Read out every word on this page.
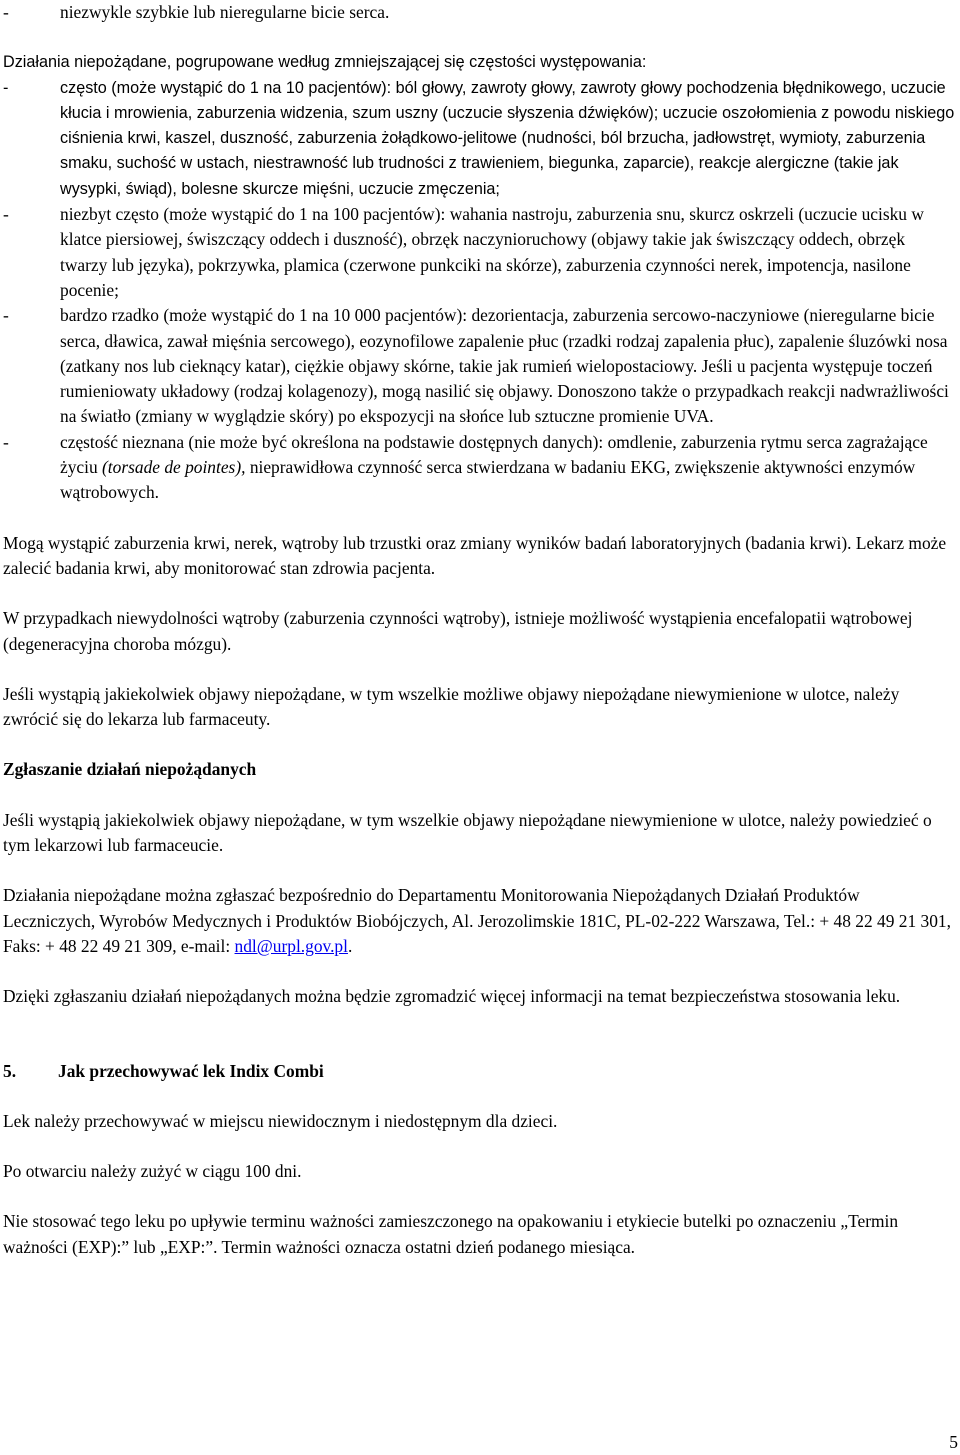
-	niezwykle szybkie lub nieregularne bicie serca.

Działania niepożądane, pogrupowane według zmniejszającej się częstości występowania:

-	często (może wystąpić do 1 na 10 pacjentów): ból głowy, zawroty głowy, zawroty głowy pochodzenia błędnikowego, uczucie kłucia i mrowienia, zaburzenia widzenia, szum uszny (uczucie słyszenia dźwięków); uczucie oszołomienia z powodu niskiego ciśnienia krwi, kaszel, duszność, zaburzenia żołądkowo-jelitowe (nudności, ból brzucha, jadłowstręt, wymioty, zaburzenia smaku, suchość w ustach, niestrawność lub trudności z trawieniem, biegunka, zaparcie), reakcje alergiczne (takie jak wysypki, świąd), bolesne skurcze mięśni, uczucie zmęczenia;
-	niezbyt często (może wystąpić do 1 na 100 pacjentów): wahania nastroju, zaburzenia snu, skurcz oskrzeli (uczucie ucisku w klatce piersiowej, świszczący oddech i duszność), obrzęk naczynioruchowy (objawy takie jak świszczący oddech, obrzęk twarzy lub języka), pokrzywka, plamica (czerwone punkciki na skórze), zaburzenia czynności nerek, impotencja, nasilone pocenie;
-	bardzo rzadko (może wystąpić do 1 na 10 000 pacjentów): dezorientacja, zaburzenia sercowo-naczyniowe (nieregularne bicie serca, dławica, zawał mięśnia sercowego), eozynofilowe zapalenie płuc (rzadki rodzaj zapalenia płuc), zapalenie śluzówki nosa (zatkany nos lub cieknący katar), ciężkie objawy skórne, takie jak rumień wielopostaciowy. Jeśli u pacjenta występuje toczeń rumieniowaty układowy (rodzaj kolagenozy), mogą nasilić się objawy. Donoszono także o przypadkach reakcji nadwrażliwości na światło (zmiany w wyglądzie skóry) po ekspozycji na słońce lub sztuczne promienie UVA.
-	częstość nieznana (nie może być określona na podstawie dostępnych danych): omdlenie, zaburzenia rytmu serca zagrażające życiu (torsade de pointes), nieprawidłowa czynność serca stwierdzana w badaniu EKG, zwiększenie aktywności enzymów wątrobowych.

Mogą wystąpić zaburzenia krwi, nerek, wątroby lub trzustki oraz zmiany wyników badań laboratoryjnych (badania krwi). Lekarz może zalecić badania krwi, aby monitorować stan zdrowia pacjenta.

W przypadkach niewydolności wątroby (zaburzenia czynności wątroby), istnieje możliwość wystąpienia encefalopatii wątrobowej (degeneracyjna choroba mózgu).

Jeśli wystąpią jakiekolwiek objawy niepożądane, w tym wszelkie możliwe objawy niepożądane niewymienione w ulotce, należy zwrócić się do lekarza lub farmaceuty.

Zgłaszanie działań niepożądanych

Jeśli wystąpią jakiekolwiek objawy niepożądane, w tym wszelkie objawy niepożądane niewymienione w ulotce, należy powiedzieć o tym lekarzowi lub farmaceucie.

Działania niepożądane można zgłaszać bezpośrednio do Departamentu Monitorowania Niepożądanych Działań Produktów Leczniczych, Wyrobów Medycznych i Produktów Biobójczych, Al. Jerozolimskie 181C, PL-02-222 Warszawa, Tel.: + 48 22 49 21 301, Faks: + 48 22 49 21 309, e-mail: ndl@urpl.gov.pl.

Dzięki zgłaszaniu działań niepożądanych można będzie zgromadzić więcej informacji na temat bezpieczeństwa stosowania leku.

5. Jak przechowywać lek Indix Combi

Lek należy przechowywać w miejscu niewidocznym i niedostępnym dla dzieci.

Po otwarciu należy zużyć w ciągu 100 dni.

Nie stosować tego leku po upływie terminu ważności zamieszczonego na opakowaniu i etykiecie butelki po oznaczeniu „Termin ważności (EXP):” lub „EXP:”. Termin ważności oznacza ostatni dzień podanego miesiąca.

5
